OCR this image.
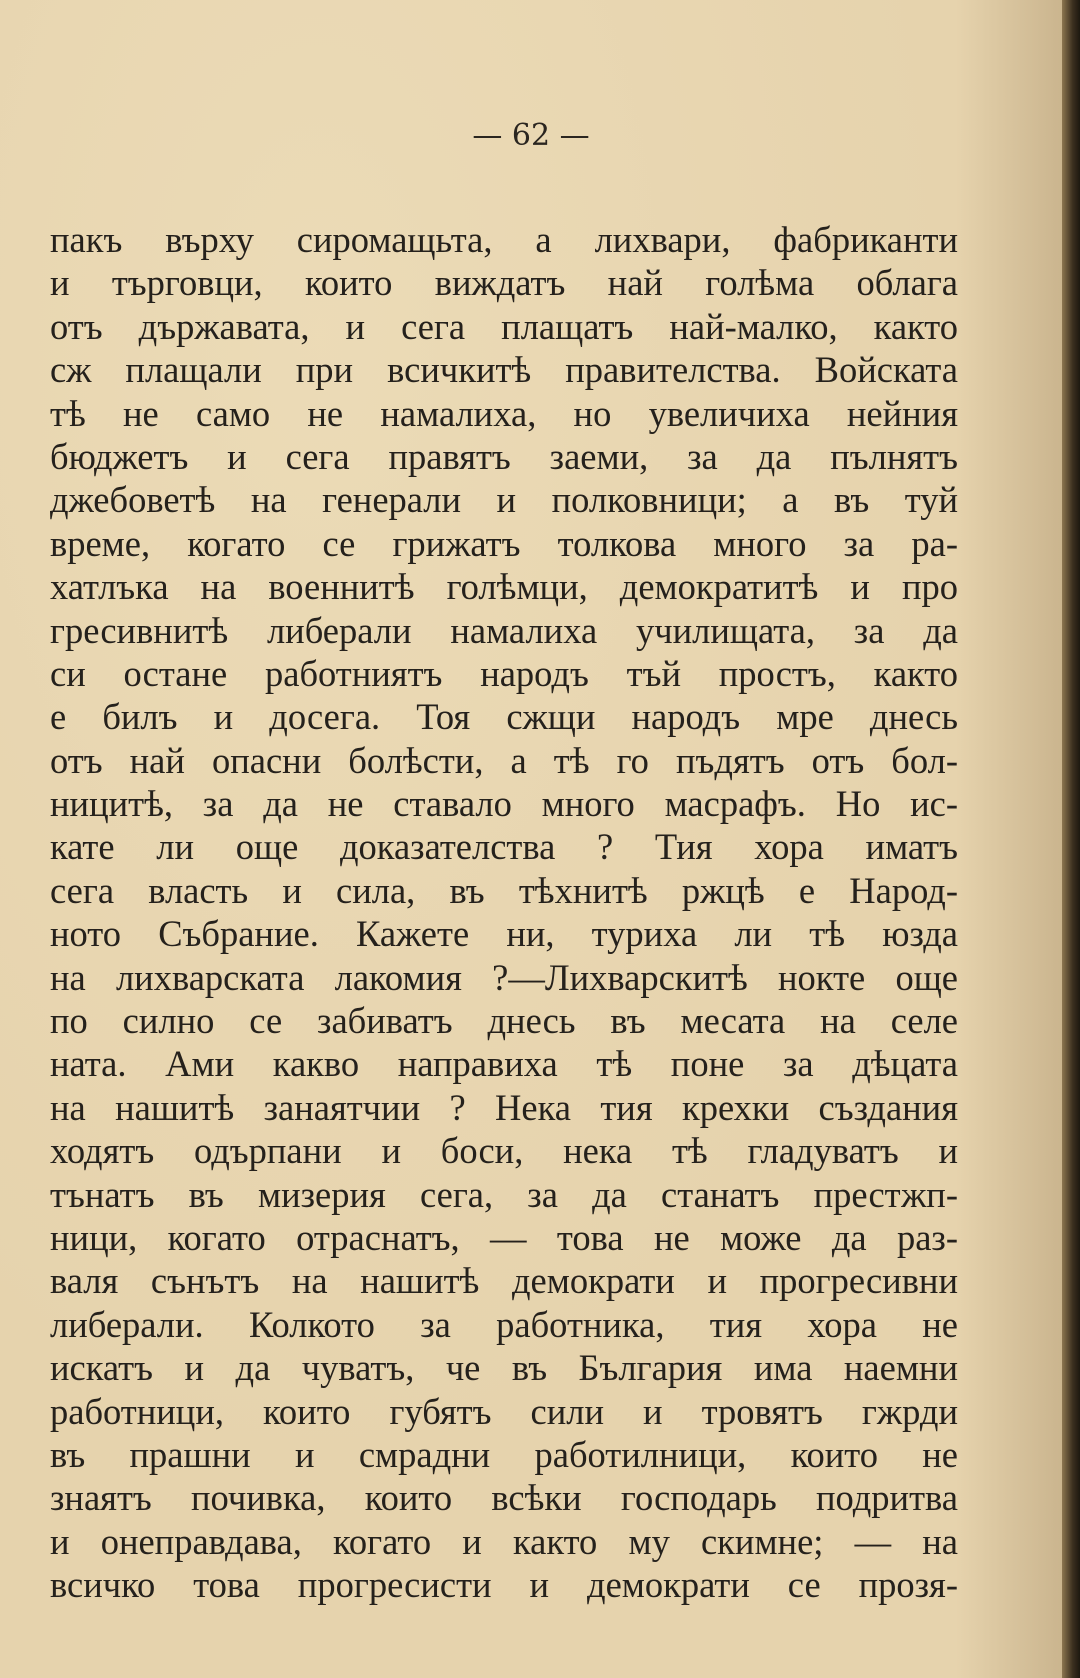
— 62 —
пакъ върху сиромащьта, а лихвари, фабриканти
и търговци, които виждатъ най голѣма облага
отъ държавата, и сега плащатъ най-малко, както
сж плащали при всичкитѣ правителства. Войската
тѣ не само не намалиха, но увеличиха нейния
бюджетъ и сега правятъ заеми, за да пълнятъ
джебоветѣ на генерали и полковници; а въ туй
време, когато се грижатъ толкова много за ра-
хатлъка на военнитѣ голѣмци, демократитѣ и про
гресивнитѣ либерали намалиха училищата, за да
си остане работниятъ народъ тъй простъ, както
е билъ и досега. Тоя сжщи народъ мре днесь
отъ най опасни болѣсти, а тѣ го пъдятъ отъ бол-
ницитѣ, за да не ставало много масрафъ. Но ис-
кате ли още доказателства ? Тия хора иматъ
сега власть и сила, въ тѣхнитѣ ржцѣ е Народ-
ното Събрание. Кажете ни, туриха ли тѣ юзда
на лихварската лакомия ?—Лихварскитѣ нокте още
по силно се забиватъ днесь въ месата на селе
ната. Ами какво направиха тѣ поне за дѣцата
на нашитѣ занаятчии ? Нека тия крехки създания
ходятъ одърпани и боси, нека тѣ гладуватъ и
тънатъ въ мизерия сега, за да станатъ престжп-
ници, когато отраснатъ, — това не може да раз-
валя сънътъ на нашитѣ демократи и прогресивни
либерали. Колкото за работника, тия хора не
искатъ и да чуватъ, че въ България има наемни
работници, които губятъ сили и тровятъ гжрди
въ прашни и смрадни работилници, които не
знаятъ почивка, които всѣки господарь подритва
и онеправдава, когато и както му скимне; — на
всичко това прогресисти и демократи се прозя-
